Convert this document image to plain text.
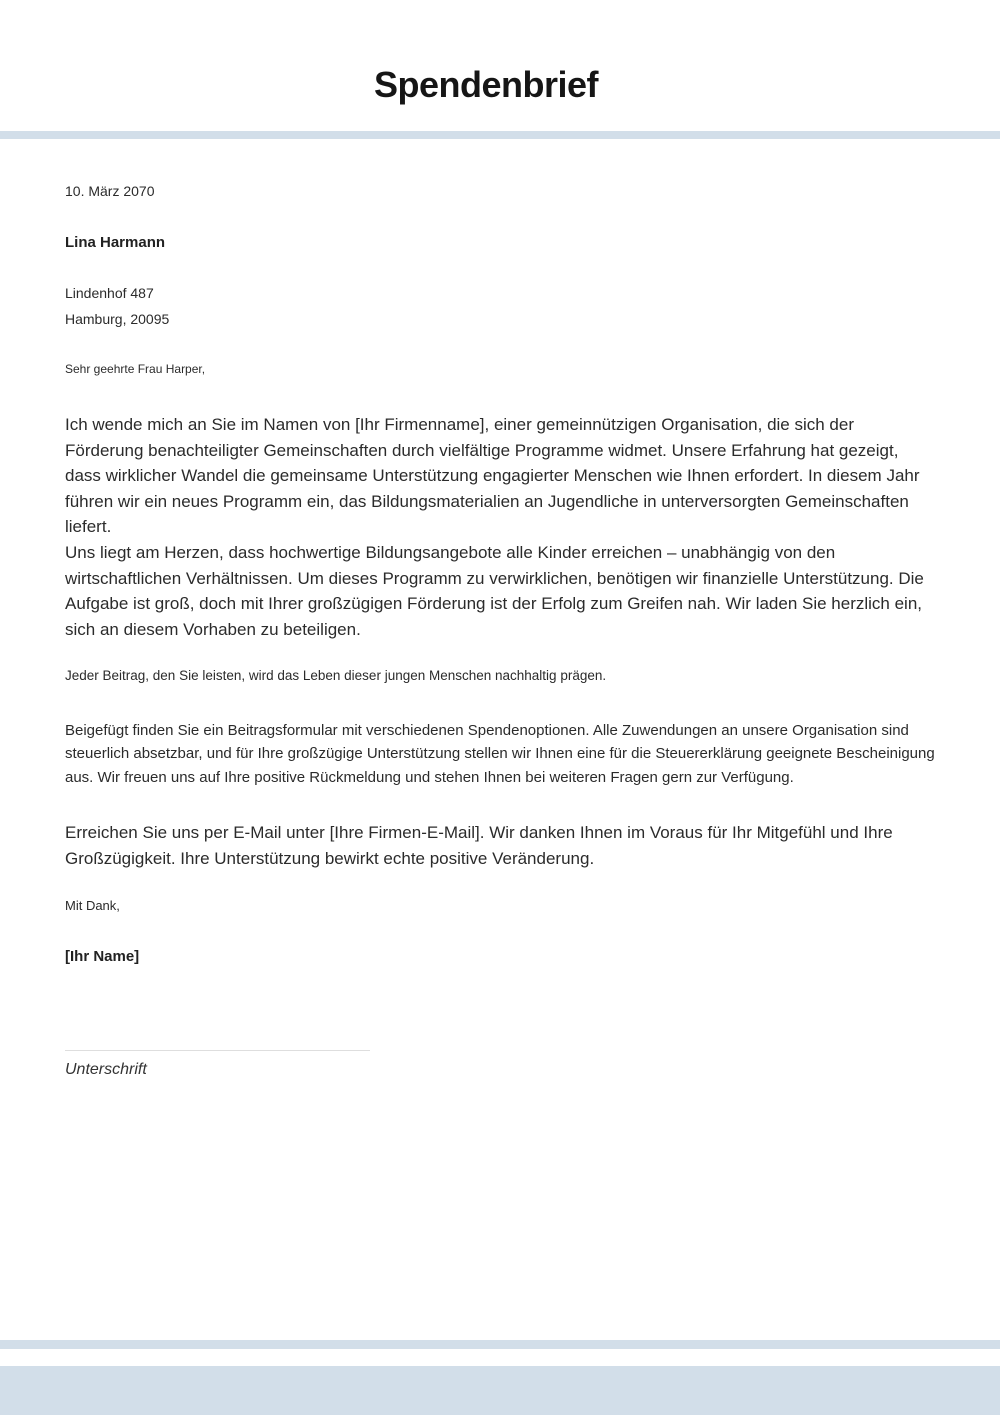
Spendenbrief
10. März 2070
Lina Harmann
Lindenhof 487
Hamburg, 20095
Sehr geehrte Frau Harper,

Ich wende mich an Sie im Namen von [Ihr Firmenname], einer gemeinnützigen Organisation, die sich der Förderung benachteiligter Gemeinschaften durch vielfältige Programme widmet. Unsere Erfahrung hat gezeigt, dass wirklicher Wandel die gemeinsame Unterstützung engagierter Menschen wie Ihnen erfordert. In diesem Jahr führen wir ein neues Programm ein, das Bildungsmaterialien an Jugendliche in unterversorgten Gemeinschaften liefert.

Uns liegt am Herzen, dass hochwertige Bildungsangebote alle Kinder erreichen – unabhängig von den wirtschaftlichen Verhältnissen. Um dieses Programm zu verwirklichen, benötigen wir finanzielle Unterstützung. Die Aufgabe ist groß, doch mit Ihrer großzügigen Förderung ist der Erfolg zum Greifen nah. Wir laden Sie herzlich ein, sich an diesem Vorhaben zu beteiligen.

Jeder Beitrag, den Sie leisten, wird das Leben dieser jungen Menschen nachhaltig prägen.

Beigefügt finden Sie ein Beitragsformular mit verschiedenen Spendenoptionen. Alle Zuwendungen an unsere Organisation sind steuerlich absetzbar, und für Ihre großzügige Unterstützung stellen wir Ihnen eine für die Steuererklärung geeignete Bescheinigung aus. Wir freuen uns auf Ihre positive Rückmeldung und stehen Ihnen bei weiteren Fragen gern zur Verfügung.

Erreichen Sie uns per E-Mail unter [Ihre Firmen-E-Mail]. Wir danken Ihnen im Voraus für Ihr Mitgefühl und Ihre Großzügigkeit. Ihre Unterstützung bewirkt echte positive Veränderung.

Mit Dank,
[Ihr Name]
Unterschrift
